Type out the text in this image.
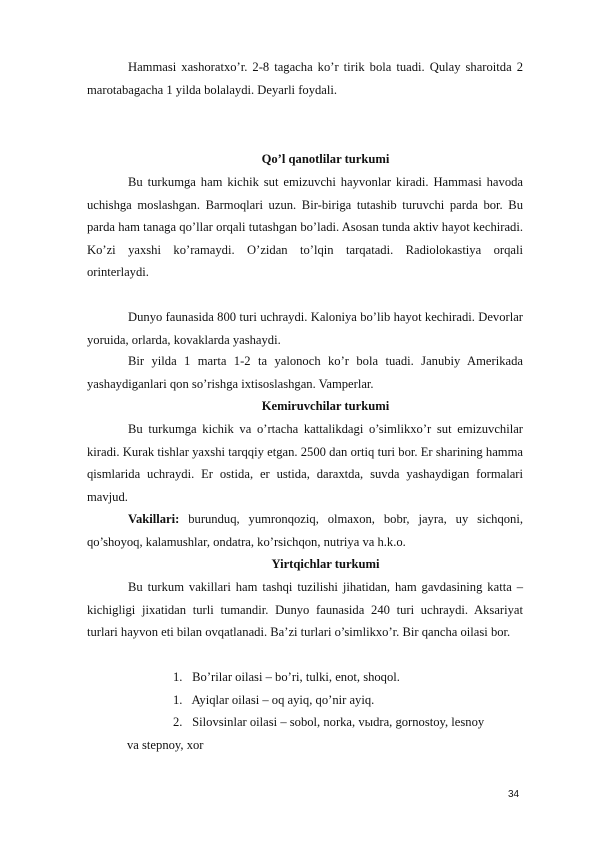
Hammasi xashoratxo’r. 2-8 tagacha ko’r tirik bola tuadi. Qulay sharoitda 2 marotabagacha 1 yilda bolalaydi. Deyarli foydali.

Qo’l qanotlilar turkumi

Bu turkumga ham kichik sut emizuvchi hayvonlar kiradi. Hammasi havoda uchishga moslashgan. Barmoqlari uzun. Bir-biriga tutashib turuvchi parda bor. Bu parda ham tanaga qo’llar orqali tutashgan bo’ladi. Asosan tunda aktiv hayot kechiradi. Ko’zi yaxshi ko’ramaydi. O’zidan to’lqin tarqatadi. Radiolokastiya orqali orinterlaydi.

Dunyo faunasida 800 turi uchraydi. Kaloniya bo’lib hayot kechiradi. Devorlar yoruida, orlarda, kovaklarda yashaydi.

Bir yilda 1 marta 1-2 ta yalonoch ko’r bola tuadi. Janubiy Amerikada yashaydiganlari qon so’rishga ixtisoslashgan. Vamperlar.

Kemiruvchilar turkumi

Bu turkumga kichik va o’rtacha kattalikdagi o’simlikxo’r sut emizuvchilar kiradi. Kurak tishlar yaxshi tarqqiy etgan. 2500 dan ortiq turi bor. Er sharining hamma qismlarida uchraydi. Er ostida, er ustida, daraxtda, suvda yashaydigan formalari mavjud.

Vakillari: burunduq, yumronqoziq, olmaxon, bobr, jayra, uy sichqoni, qo’shoyoq, kalamushlar, ondatra, ko’rsichqon, nutriya va h.k.o.

Yirtqichlar turkumi

Bu turkum vakillari ham tashqi tuzilishi jihatidan, ham gavdasining katta – kichigligi jixatidan turli tumandir. Dunyo faunasida 240 turi uchraydi. Aksariyat turlari hayvon eti bilan ovqatlanadi. Ba’zi turlari o’simlikxo’r. Bir qancha oilasi bor.

1. Bo’rilar oilasi – bo’ri, tulki, enot, shoqol.

1. Ayiqlar oilasi – oq ayiq, qo’nir ayiq.

2. Silovsinlar oilasi – sobol, norka, vыdra, gornostoy, lesnoy

va stepnoy, xor

34
